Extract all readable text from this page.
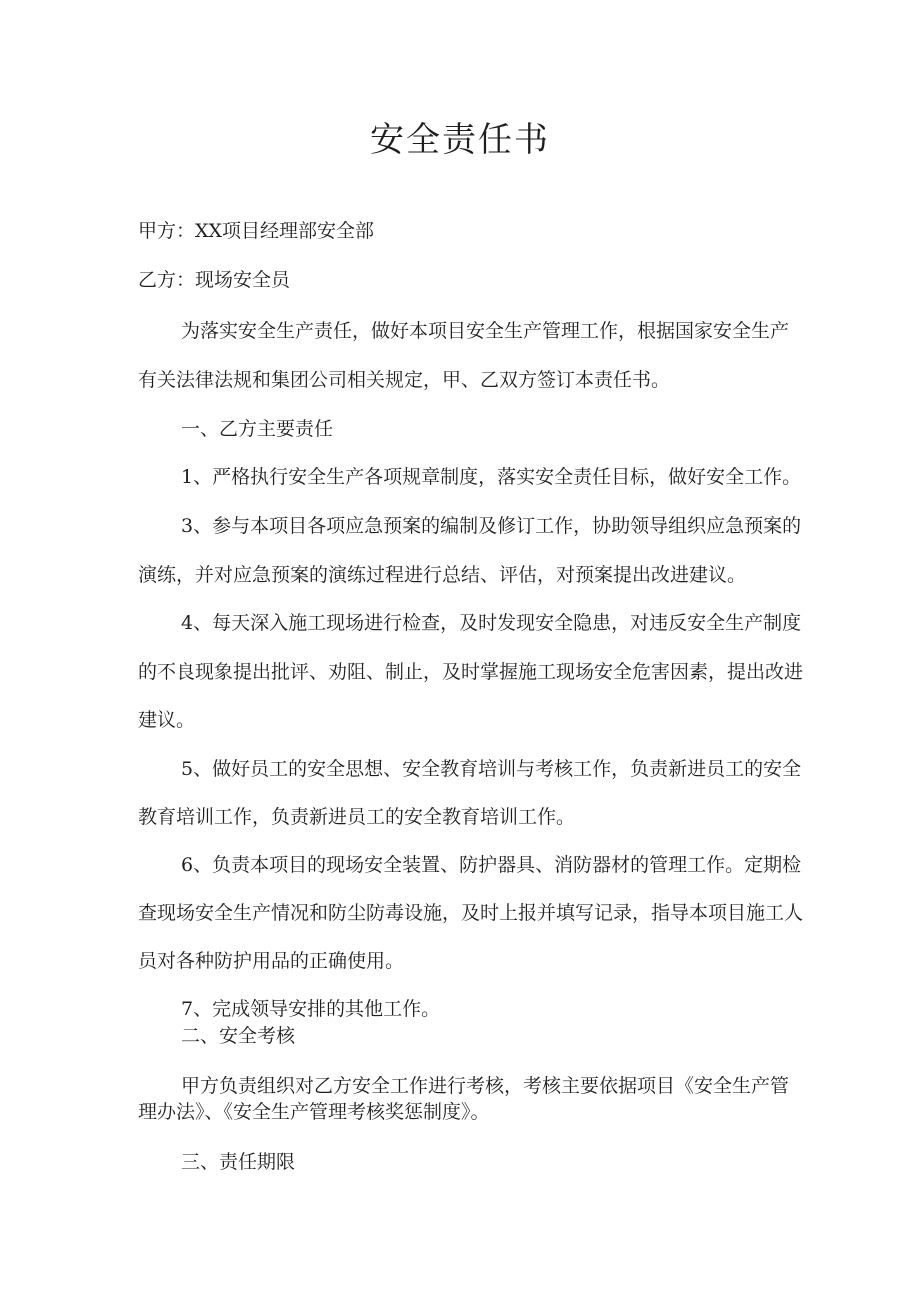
安全责任书
甲方：XX项目经理部安全部
乙方：现场安全员
为落实安全生产责任，做好本项目安全生产管理工作，根据国家安全生产
有关法律法规和集团公司相关规定，甲、乙双方签订本责任书。
一、乙方主要责任
1、严格执行安全生产各项规章制度，落实安全责任目标，做好安全工作。
3、参与本项目各项应急预案的编制及修订工作，协助领导组织应急预案的
演练，并对应急预案的演练过程进行总结、评估，对预案提出改进建议。
4、每天深入施工现场进行检查，及时发现安全隐患，对违反安全生产制度
的不良现象提出批评、劝阻、制止，及时掌握施工现场安全危害因素，提出改进
建议。
5、做好员工的安全思想、安全教育培训与考核工作，负责新进员工的安全
教育培训工作，负责新进员工的安全教育培训工作。
6、负责本项目的现场安全装置、防护器具、消防器材的管理工作。定期检
查现场安全生产情况和防尘防毒设施，及时上报并填写记录，指导本项目施工人
员对各种防护用品的正确使用。
7、完成领导安排的其他工作。
二、安全考核
甲方负责组织对乙方安全工作进行考核，考核主要依据项目《安全生产管
理办法》、《安全生产管理考核奖惩制度》。
三、责任期限
